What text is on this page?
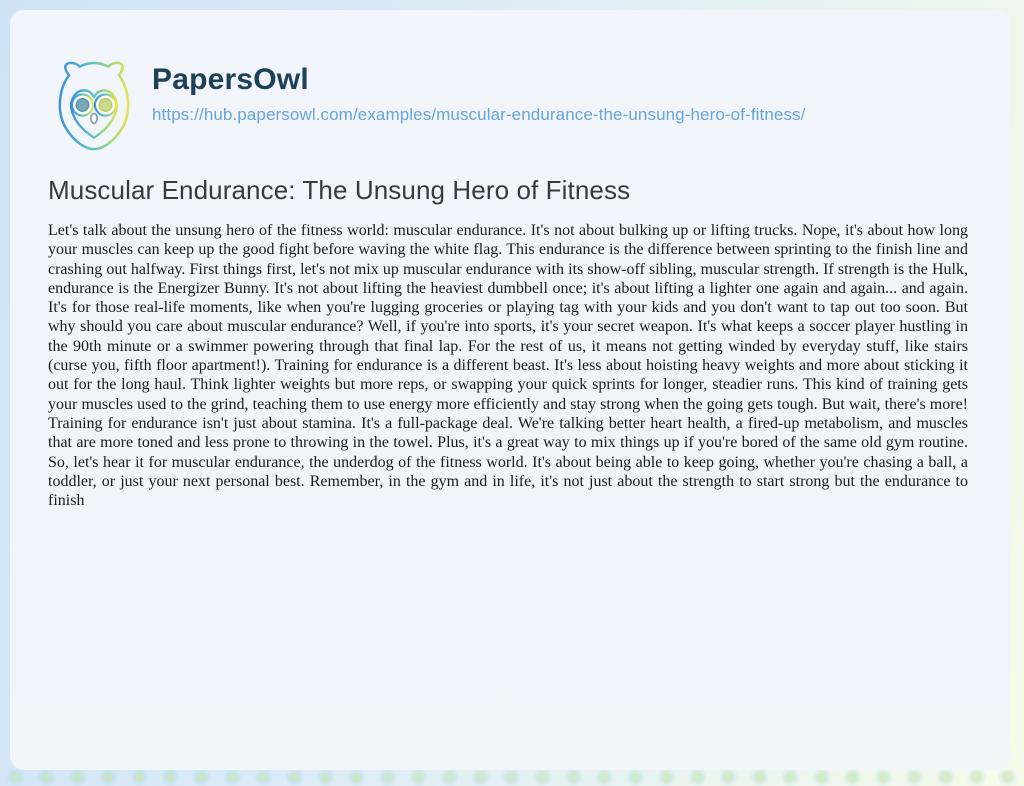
PapersOwl
https://hub.papersowl.com/examples/muscular-endurance-the-unsung-hero-of-fitness/
Muscular Endurance: The Unsung Hero of Fitness

Let's talk about the unsung hero of the fitness world: muscular endurance. It's not about bulking up or lifting trucks. Nope, it's about how long your muscles can keep up the good fight before waving the white flag. This endurance is the difference between sprinting to the finish line and crashing out halfway. First things first, let's not mix up muscular endurance with its show-off sibling, muscular strength. If strength is the Hulk, endurance is the Energizer Bunny. It's not about lifting the heaviest dumbbell once; it's about lifting a lighter one again and again... and again. It's for those real-life moments, like when you're lugging groceries or playing tag with your kids and you don't want to tap out too soon. But why should you care about muscular endurance? Well, if you're into sports, it's your secret weapon. It's what keeps a soccer player hustling in the 90th minute or a swimmer powering through that final lap. For the rest of us, it means not getting winded by everyday stuff, like stairs (curse you, fifth floor apartment!). Training for endurance is a different beast. It's less about hoisting heavy weights and more about sticking it out for the long haul. Think lighter weights but more reps, or swapping your quick sprints for longer, steadier runs. This kind of training gets your muscles used to the grind, teaching them to use energy more efficiently and stay strong when the going gets tough. But wait, there's more! Training for endurance isn't just about stamina. It's a full-package deal. We're talking better heart health, a fired-up metabolism, and muscles that are more toned and less prone to throwing in the towel. Plus, it's a great way to mix things up if you're bored of the same old gym routine. So, let's hear it for muscular endurance, the underdog of the fitness world. It's about being able to keep going, whether you're chasing a ball, a toddler, or just your next personal best. Remember, in the gym and in life, it's not just about the strength to start strong but the endurance to finish
